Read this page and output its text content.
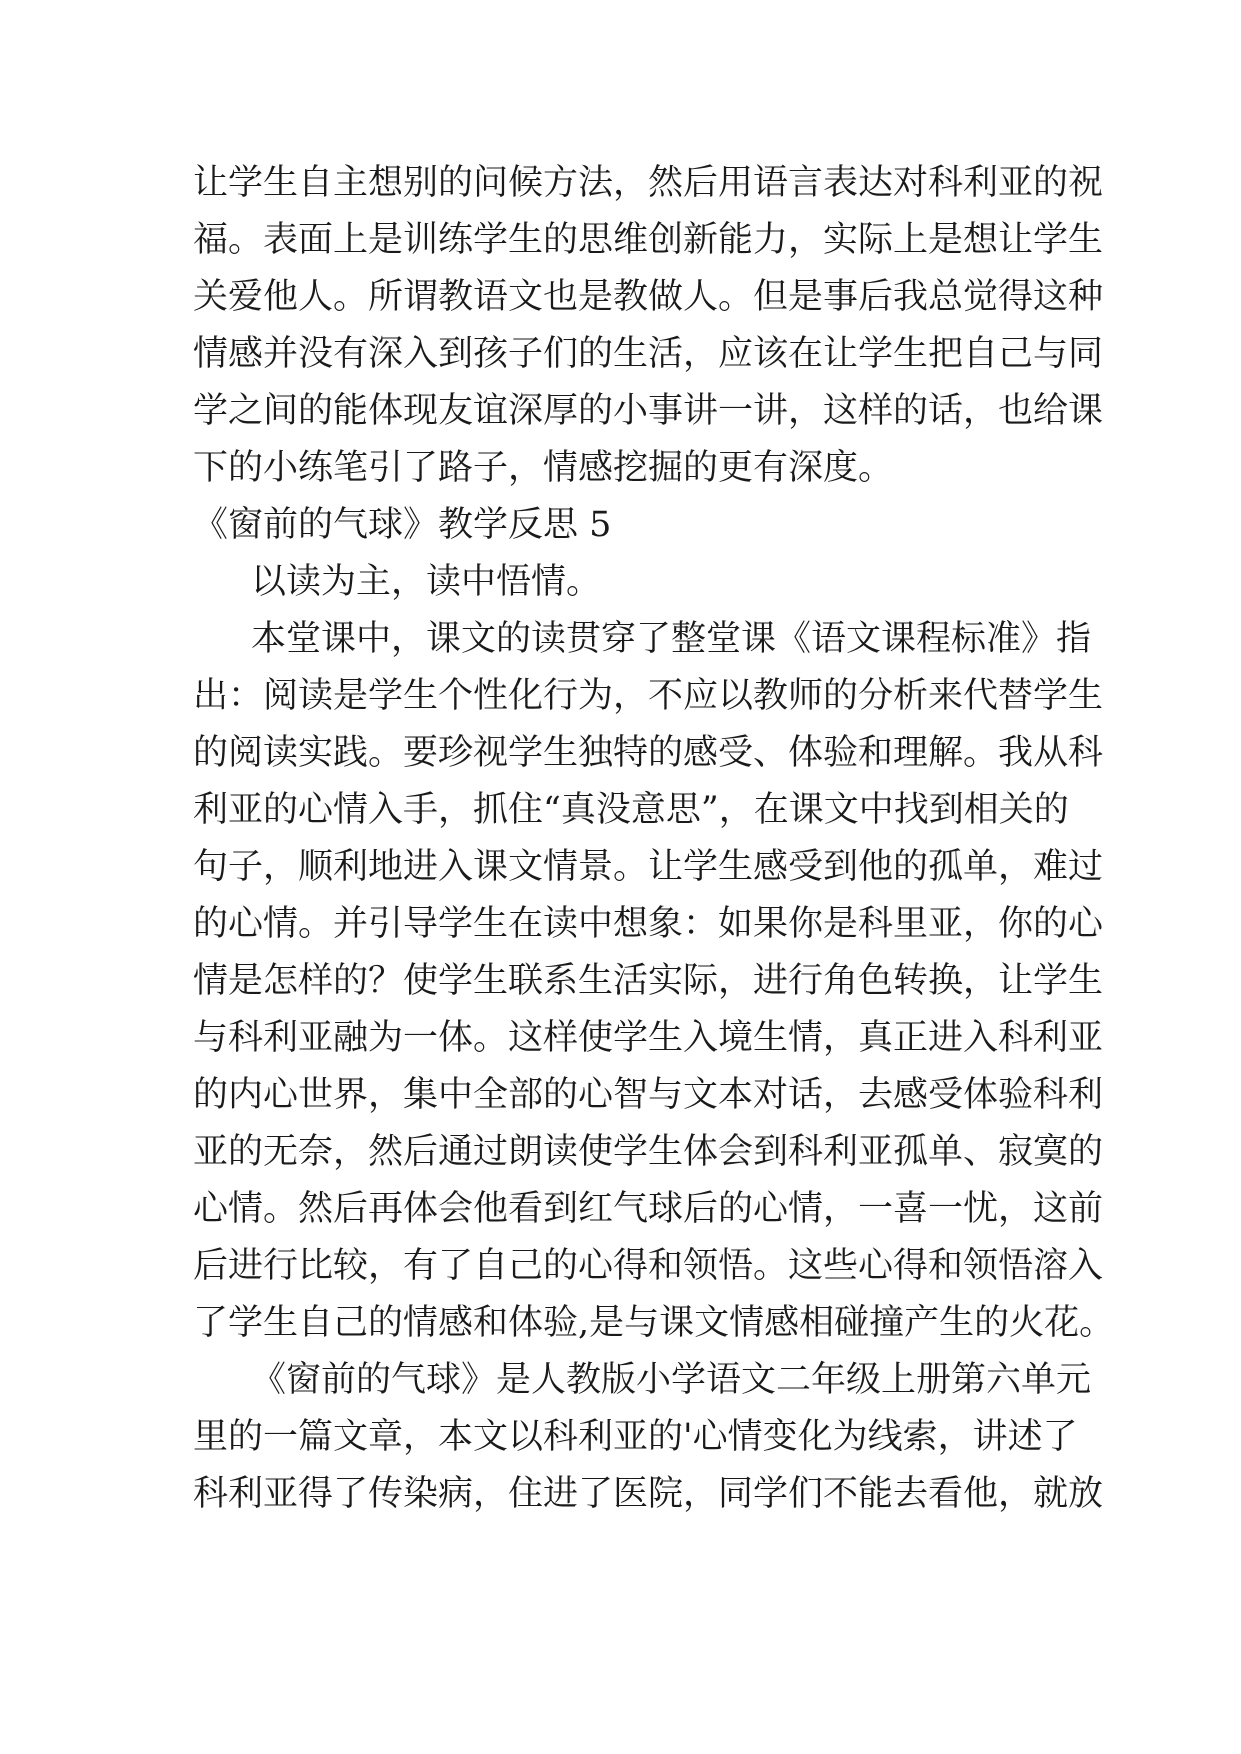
让学生自主想别的问候方法，然后用语言表达对科利亚的祝
福。表面上是训练学生的思维创新能力，实际上是想让学生
关爱他人。所谓教语文也是教做人。但是事后我总觉得这种
情感并没有深入到孩子们的生活，应该在让学生把自己与同
学之间的能体现友谊深厚的小事讲一讲，这样的话，也给课
下的小练笔引了路子，情感挖掘的更有深度。
《窗前的气球》教学反思 5
以读为主，读中悟情。
本堂课中，课文的读贯穿了整堂课《语文课程标准》指
出：阅读是学生个性化行为，不应以教师的分析来代替学生
的阅读实践。要珍视学生独特的感受、体验和理解。我从科
利亚的心情入手，抓住“真没意思”，在课文中找到相关的
句子，顺利地进入课文情景。让学生感受到他的孤单，难过
的心情。并引导学生在读中想象：如果你是科里亚，你的心
情是怎样的？使学生联系生活实际，进行角色转换，让学生
与科利亚融为一体。这样使学生入境生情，真正进入科利亚
的内心世界，集中全部的心智与文本对话，去感受体验科利
亚的无奈，然后通过朗读使学生体会到科利亚孤单、寂寞的
心情。然后再体会他看到红气球后的心情，一喜一忧，这前
后进行比较，有了自己的心得和领悟。这些心得和领悟溶入
了学生自己的情感和体验,是与课文情感相碰撞产生的火花。
《窗前的气球》是人教版小学语文二年级上册第六单元
里的一篇文章，本文以科利亚的'心情变化为线索，讲述了
科利亚得了传染病，住进了医院，同学们不能去看他，就放
